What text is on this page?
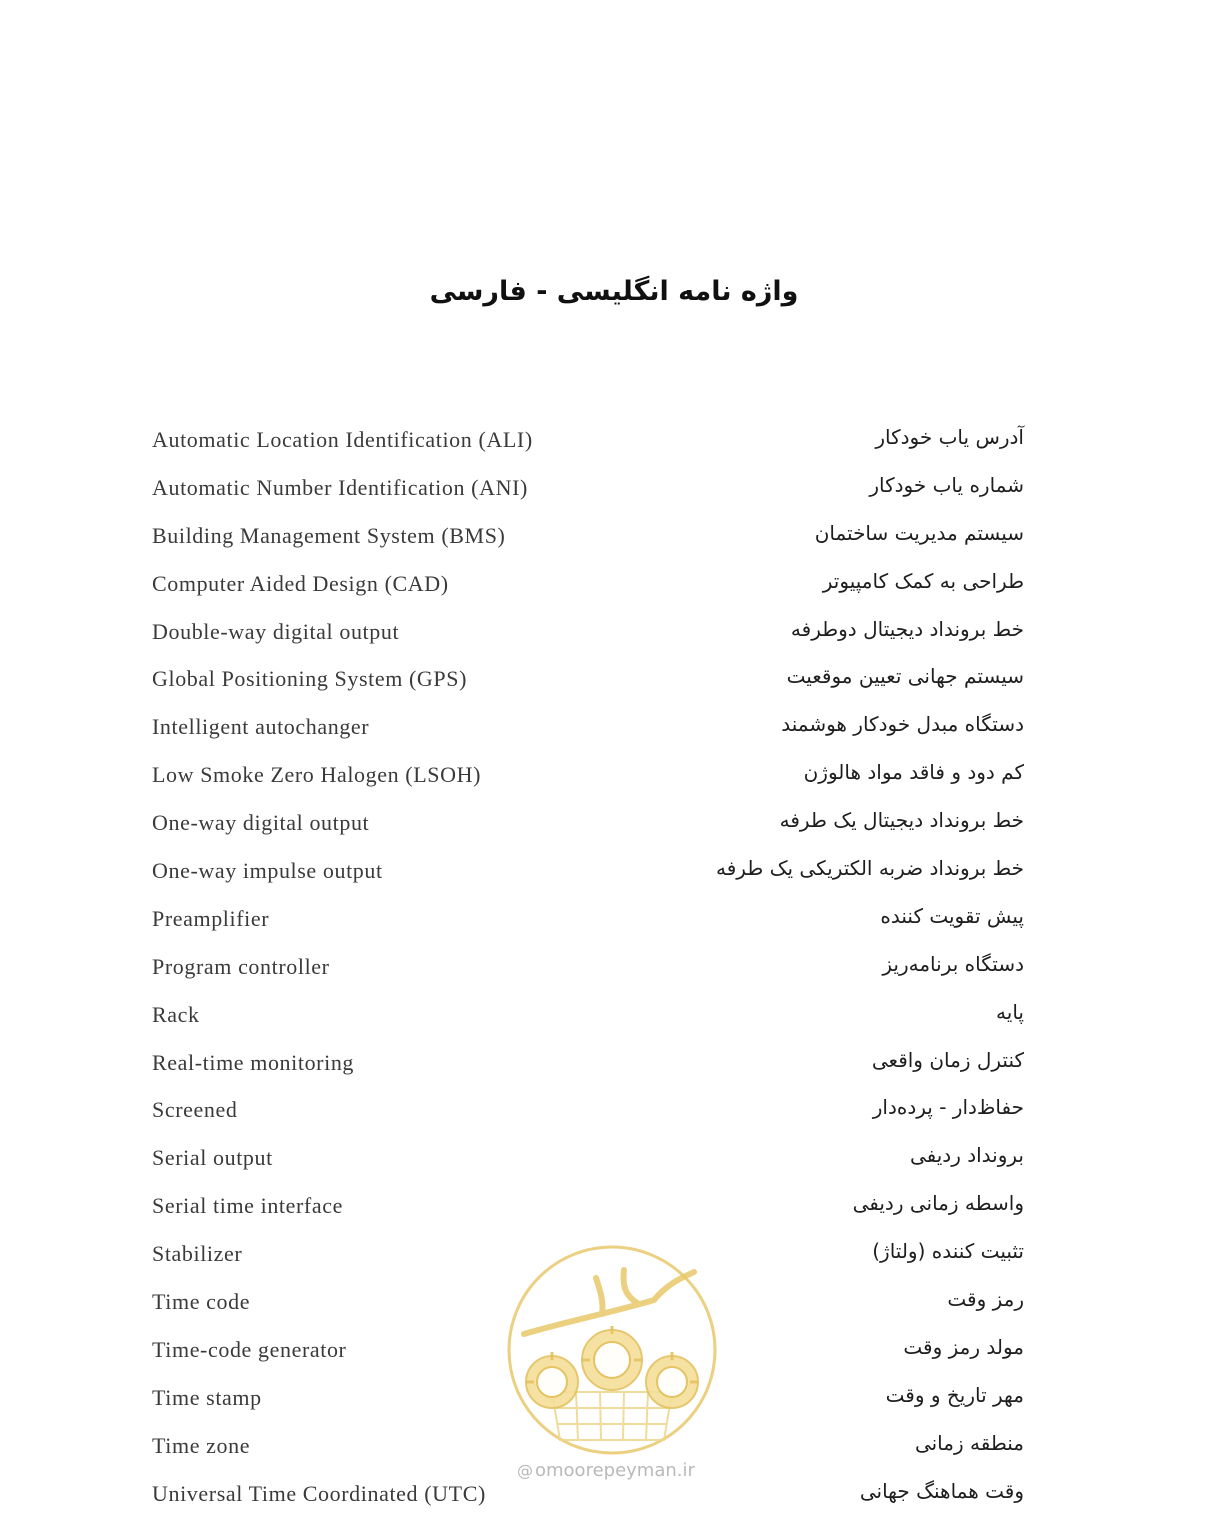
واژه نامه انگلیسی - فارسی
Automatic Location Identification (ALI)	آدرس یاب خودکار
Automatic Number Identification (ANI)	شماره یاب خودکار
Building Management System (BMS)	سیستم مدیریت ساختمان
Computer Aided Design (CAD)	طراحی به کمک کامپیوتر
Double-way digital output	خط برونداد دیجیتال دوطرفه
Global Positioning System (GPS)	سیستم جهانی تعیین موقعیت
Intelligent autochanger	دستگاه مبدل خودکار هوشمند
Low Smoke Zero Halogen (LSOH)	کم دود و فاقد مواد هالوژن
One-way digital output	خط برونداد دیجیتال یک طرفه
One-way impulse output	خط برونداد ضربه الکتریکی یک طرفه
Preamplifier	پیش تقویت کننده
Program controller	دستگاه برنامه‌ریز
Rack	پایه
Real-time monitoring	کنترل زمان واقعی
Screened	حفاظ‌دار - پرده‌دار
Serial output	برونداد ردیفی
Serial time interface	واسطه زمانی ردیفی
Stabilizer	تثبیت کننده (ولتاژ)
Time code	رمز وقت
Time-code generator	مولد رمز وقت
Time stamp	مهر تاریخ و وقت
Time zone	منطقه زمانی
Universal Time Coordinated (UTC)	وقت هماهنگ جهانی
@ omoorepeyman.ir
